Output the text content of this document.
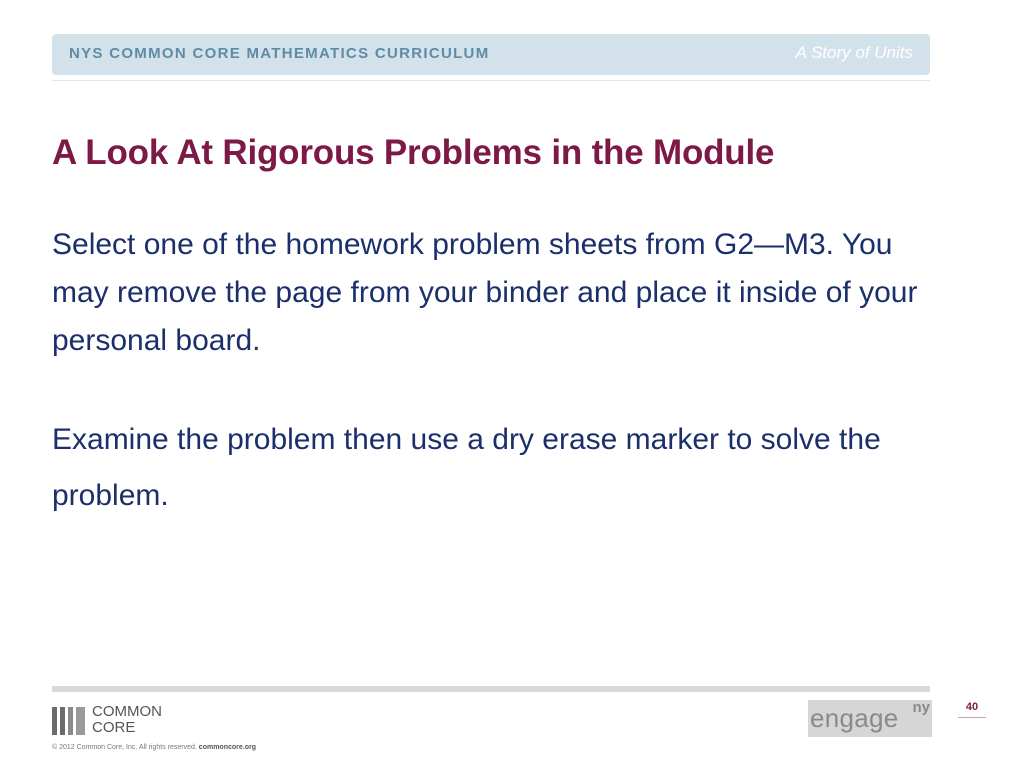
NYS COMMON CORE MATHEMATICS CURRICULUM	A Story of Units
A Look At Rigorous Problems in the Module

Select one of the homework problem sheets from G2—M3. You may remove the page from your binder and place it inside of your personal board.

Examine the problem then use a dry erase marker to solve the problem.

COMMON
CORE
© 2012 Common Core, Inc. All rights reserved. commoncore.org
engage ny	40
